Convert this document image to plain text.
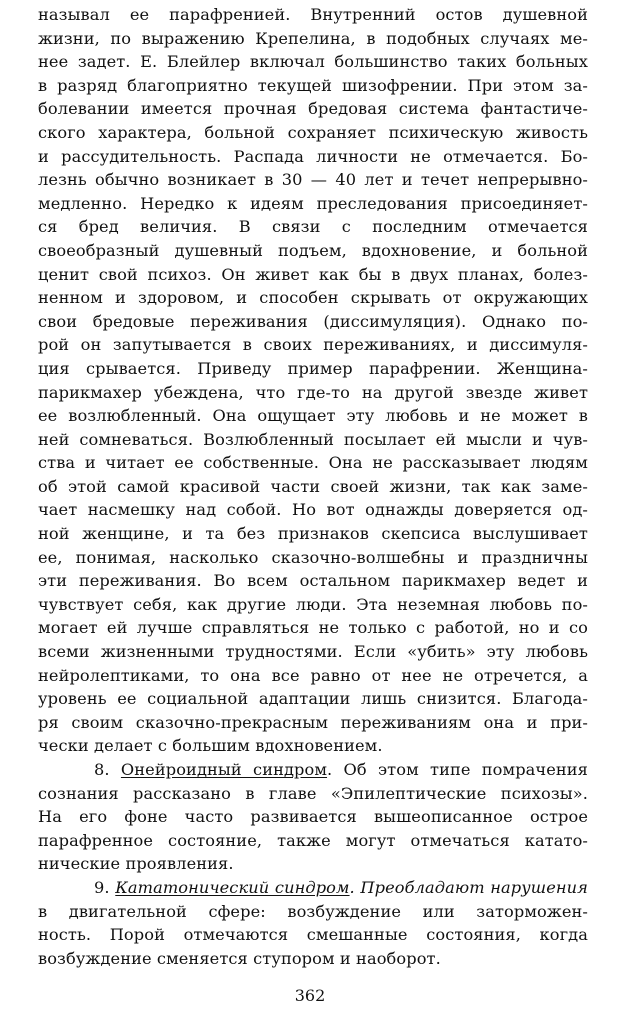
называл ее парафренией. Внутренний остов душевной
жизни, по выражению Крепелина, в подобных случаях ме-
нее задет. Е. Блейлер включал большинство таких больных
в разряд благоприятно текущей шизофрении. При этом за-
болевании имеется прочная бредовая система фантастиче-
ского характера, больной сохраняет психическую живость
и рассудительность. Распада личности не отмечается. Бо-
лезнь обычно возникает в 30 — 40 лет и течет непрерывно-
медленно. Нередко к идеям преследования присоединяет-
ся бред величия. В связи с последним отмечается
своеобразный душевный подъем, вдохновение, и больной
ценит свой психоз. Он живет как бы в двух планах, болез-
ненном и здоровом, и способен скрывать от окружающих
свои бредовые переживания (диссимуляция). Однако по-
рой он запутывается в своих переживаниях, и диссимуля-
ция срывается. Приведу пример парафрении. Женщина-
парикмахер убеждена, что где-то на другой звезде живет
ее возлюбленный. Она ощущает эту любовь и не может в
ней сомневаться. Возлюбленный посылает ей мысли и чув-
ства и читает ее собственные. Она не рассказывает людям
об этой самой красивой части своей жизни, так как заме-
чает насмешку над собой. Но вот однажды доверяется од-
ной женщине, и та без признаков скепсиса выслушивает
ее, понимая, насколько сказочно-волшебны и праздничны
эти переживания. Во всем остальном парикмахер ведет и
чувствует себя, как другие люди. Эта неземная любовь по-
могает ей лучше справляться не только с работой, но и со
всеми жизненными трудностями. Если «убить» эту любовь
нейролептиками, то она все равно от нее не отречется, а
уровень ее социальной адаптации лишь снизится. Благода-
ря своим сказочно-прекрасным переживаниям она и при-
чески делает с большим вдохновением.
8. Онейроидный синдром. Об этом типе помрачения
сознания рассказано в главе «Эпилептические психозы».
На его фоне часто развивается вышеописанное острое
парафренное состояние, также могут отмечаться катато-
нические проявления.
9. Кататонический синдром. Преобладают нарушения
в двигательной сфере: возбуждение или заторможен-
ность. Порой отмечаются смешанные состояния, когда
возбуждение сменяется ступором и наоборот.
362
